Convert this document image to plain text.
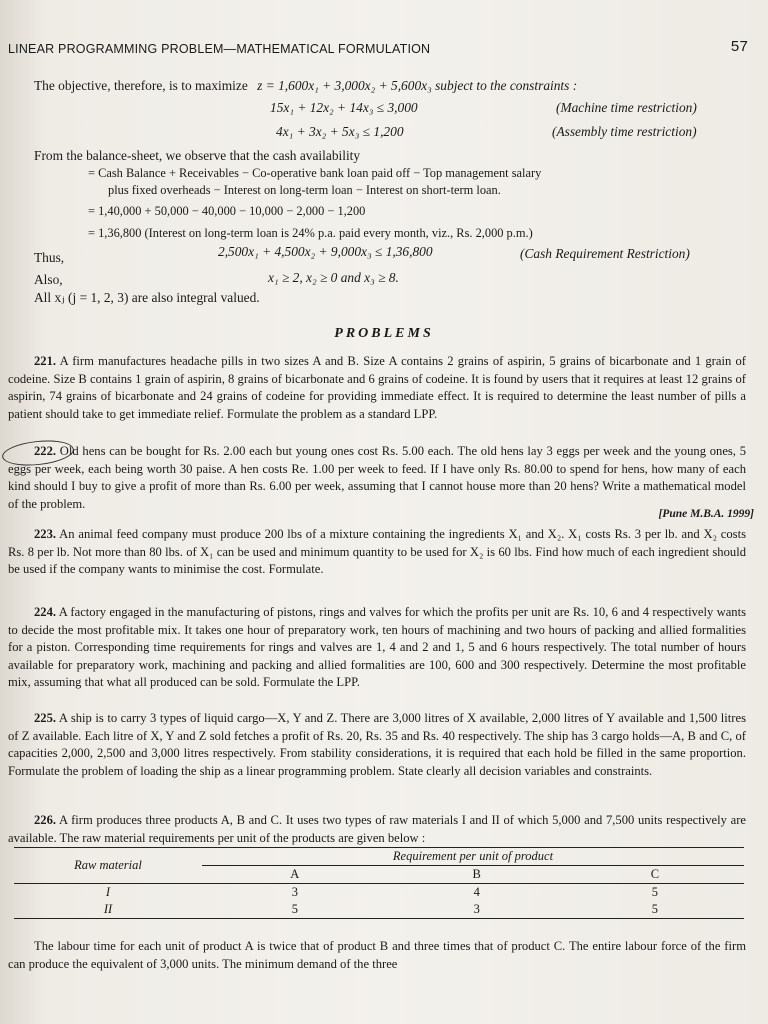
LINEAR PROGRAMMING PROBLEM—MATHEMATICAL FORMULATION	57
The objective, therefore, is to maximize z = 1,600x₁ + 3,000x₂ + 5,600x₃ subject to the constraints :
15x₁ + 12x₂ + 14x₃ ≤ 3,000	(Machine time restriction)
4x₁ + 3x₂ + 5x₃ ≤ 1,200	(Assembly time restriction)
From the balance-sheet, we observe that the cash availability
= Cash Balance + Receivables − Co-operative bank loan paid off − Top management salary
plus fixed overheads − Interest on long-term loan − Interest on short-term loan.
= 1,40,000 + 50,000 − 40,000 − 10,000 − 2,000 − 1,200
= 1,36,800 (Interest on long-term loan is 24% p.a. paid every month, viz., Rs. 2,000 p.m.)
Thus,	2,500x₁ + 4,500x₂ + 9,000x₃ ≤ 1,36,800	(Cash Requirement Restriction)
Also,	x₁ ≥ 2, x₂ ≥ 0 and x₃ ≥ 8.
All xⱼ (j = 1, 2, 3) are also integral valued.
PROBLEMS
221. A firm manufactures headache pills in two sizes A and B. Size A contains 2 grains of aspirin, 5 grains of bicarbonate and 1 grain of codeine. Size B contains 1 grain of aspirin, 8 grains of bicarbonate and 6 grains of codeine. It is found by users that it requires at least 12 grains of aspirin, 74 grains of bicarbonate and 24 grains of codeine for providing immediate effect. It is required to determine the least number of pills a patient should take to get immediate relief. Formulate the problem as a standard LPP.
222. Old hens can be bought for Rs. 2.00 each but young ones cost Rs. 5.00 each. The old hens lay 3 eggs per week and the young ones, 5 eggs per week, each being worth 30 paise. A hen costs Re. 1.00 per week to feed. If I have only Rs. 80.00 to spend for hens, how many of each kind should I buy to give a profit of more than Rs. 6.00 per week, assuming that I cannot house more than 20 hens? Write a mathematical model of the problem.
[Pune M.B.A. 1999]
223. An animal feed company must produce 200 lbs of a mixture containing the ingredients X₁ and X₂. X₁ costs Rs. 3 per lb. and X₂ costs Rs. 8 per lb. Not more than 80 lbs. of X₁ can be used and minimum quantity to be used for X₂ is 60 lbs. Find how much of each ingredient should be used if the company wants to minimise the cost. Formulate.
224. A factory engaged in the manufacturing of pistons, rings and valves for which the profits per unit are Rs. 10, 6 and 4 respectively wants to decide the most profitable mix. It takes one hour of preparatory work, ten hours of machining and two hours of packing and allied formalities for a piston. Corresponding time requirements for rings and valves are 1, 4 and 2 and 1, 5 and 6 hours respectively. The total number of hours available for preparatory work, machining and packing and allied formalities are 100, 600 and 300 respectively. Determine the most profitable mix, assuming that what all produced can be sold. Formulate the LPP.
225. A ship is to carry 3 types of liquid cargo—X, Y and Z. There are 3,000 litres of X available, 2,000 litres of Y available and 1,500 litres of Z available. Each litre of X, Y and Z sold fetches a profit of Rs. 20, Rs. 35 and Rs. 40 respectively. The ship has 3 cargo holds—A, B and C, of capacities 2,000, 2,500 and 3,000 litres respectively. From stability considerations, it is required that each hold be filled in the same proportion. Formulate the problem of loading the ship as a linear programming problem. State clearly all decision variables and constraints.
226. A firm produces three products A, B and C. It uses two types of raw materials I and II of which 5,000 and 7,500 units respectively are available. The raw material requirements per unit of the products are given below :
Raw material	Requirement per unit of product		
	A	B	C
I	3	4	5
II	5	3	5
The labour time for each unit of product A is twice that of product B and three times that of product C. The entire labour force of the firm can produce the equivalent of 3,000 units. The minimum demand of the three
